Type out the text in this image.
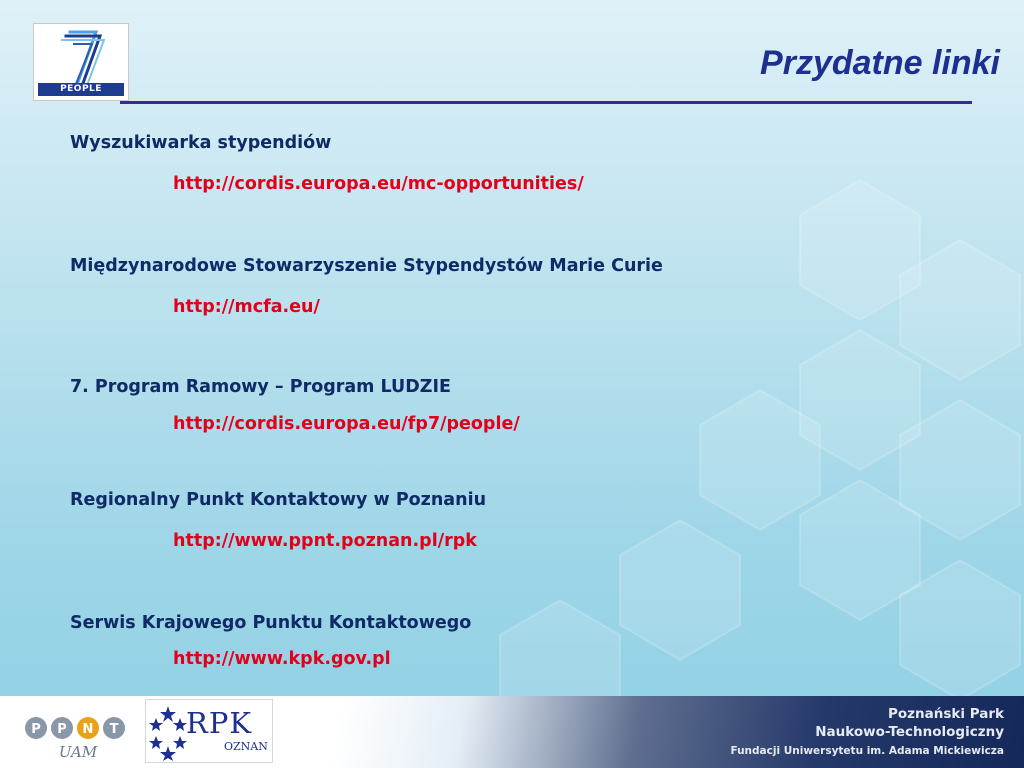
PEOPLE
Przydatne linki
Wyszukiwarka stypendiów
http://cordis.europa.eu/mc-opportunities/
Międzynarodowe Stowarzyszenie Stypendystów Marie Curie
http://mcfa.eu/
7. Program Ramowy – Program LUDZIE
http://cordis.europa.eu/fp7/people/
Regionalny Punkt Kontaktowy w Poznaniu
http://www.ppnt.poznan.pl/rpk
Serwis Krajowego Punktu Kontaktowego
http://www.kpk.gov.pl
P P N T
UAM
RPK
OZNAN
Poznański Park
Naukowo-Technologiczny
Fundacji Uniwersytetu im. Adama Mickiewicza
